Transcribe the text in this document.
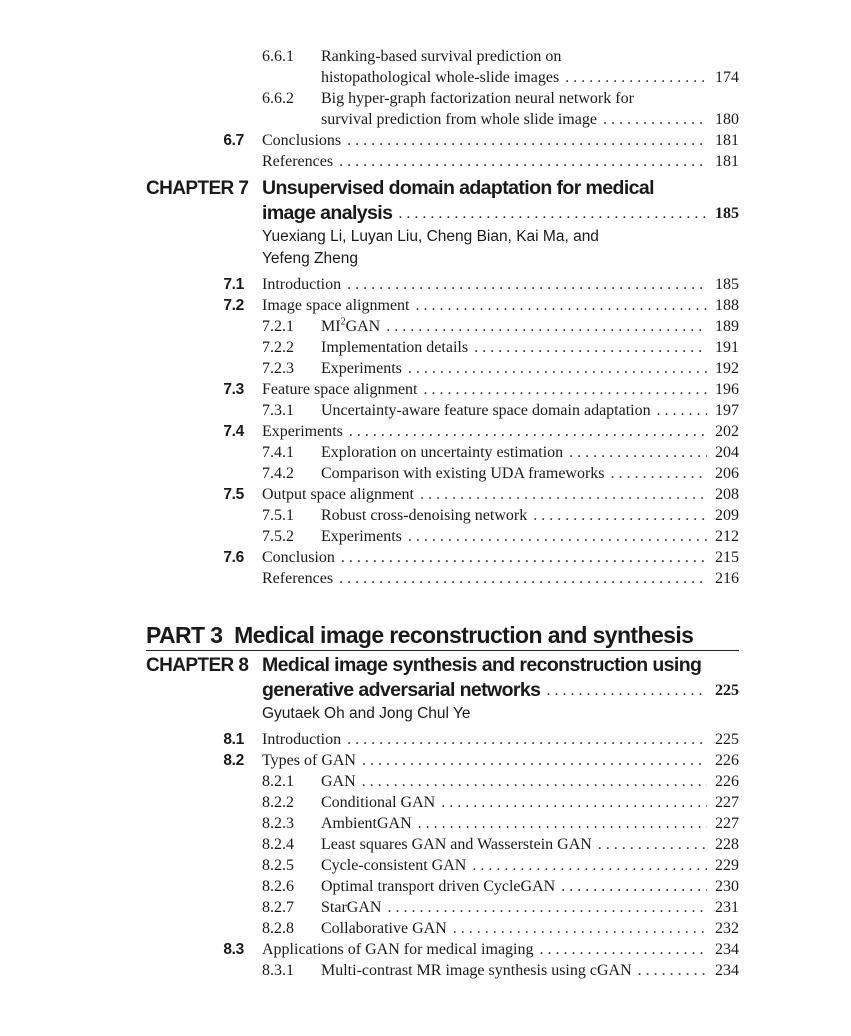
6.6.1 Ranking-based survival prediction on
histopathological whole-slide images . . .	174
6.6.2 Big hyper-graph factorization neural network for
survival prediction from whole slide image . . .	180
6.7 Conclusions . . .	181
References . . .	181
CHAPTER 7 Unsupervised domain adaptation for medical
image analysis . . .	185
Yuexiang Li, Luyan Liu, Cheng Bian, Kai Ma, and
Yefeng Zheng
7.1 Introduction . . .	185
7.2 Image space alignment . . .	188
7.2.1 MI $^2$GAN . . .	189
7.2.2 Implementation details . . .	191
7.2.3 Experiments . . .	192
7.3 Feature space alignment . . .	196
7.3.1 Uncertainty-aware feature space domain adaptation . . .	197
7.4 Experiments . . .	202
7.4.1 Exploration on uncertainty estimation . . .	204
7.4.2 Comparison with existing UDA frameworks . . .	206
7.5 Output space alignment . . .	208
7.5.1 Robust cross-denoising network . . .	209
7.5.2 Experiments . . .	212
7.6 Conclusion . . .	215
References . . .	216
PART 3 Medical image reconstruction and synthesis
CHAPTER 8 Medical image synthesis and reconstruction using
generative adversarial networks . . .	225
Gyutaek Oh and Jong Chul Ye
8.1 Introduction . . .	225
8.2 Types of GAN . . .	226
8.2.1 GAN . . .	226
8.2.2 Conditional GAN . . .	227
8.2.3 AmbientGAN . . .	227
8.2.4 Least squares GAN and Wasserstein GAN . . .	228
8.2.5 Cycle-consistent GAN . . .	229
8.2.6 Optimal transport driven CycleGAN . . .	230
8.2.7 StarGAN . . .	231
8.2.8 Collaborative GAN . . .	232
8.3 Applications of GAN for medical imaging . . .	234
8.3.1 Multi-contrast MR image synthesis using cGAN . . .	234
